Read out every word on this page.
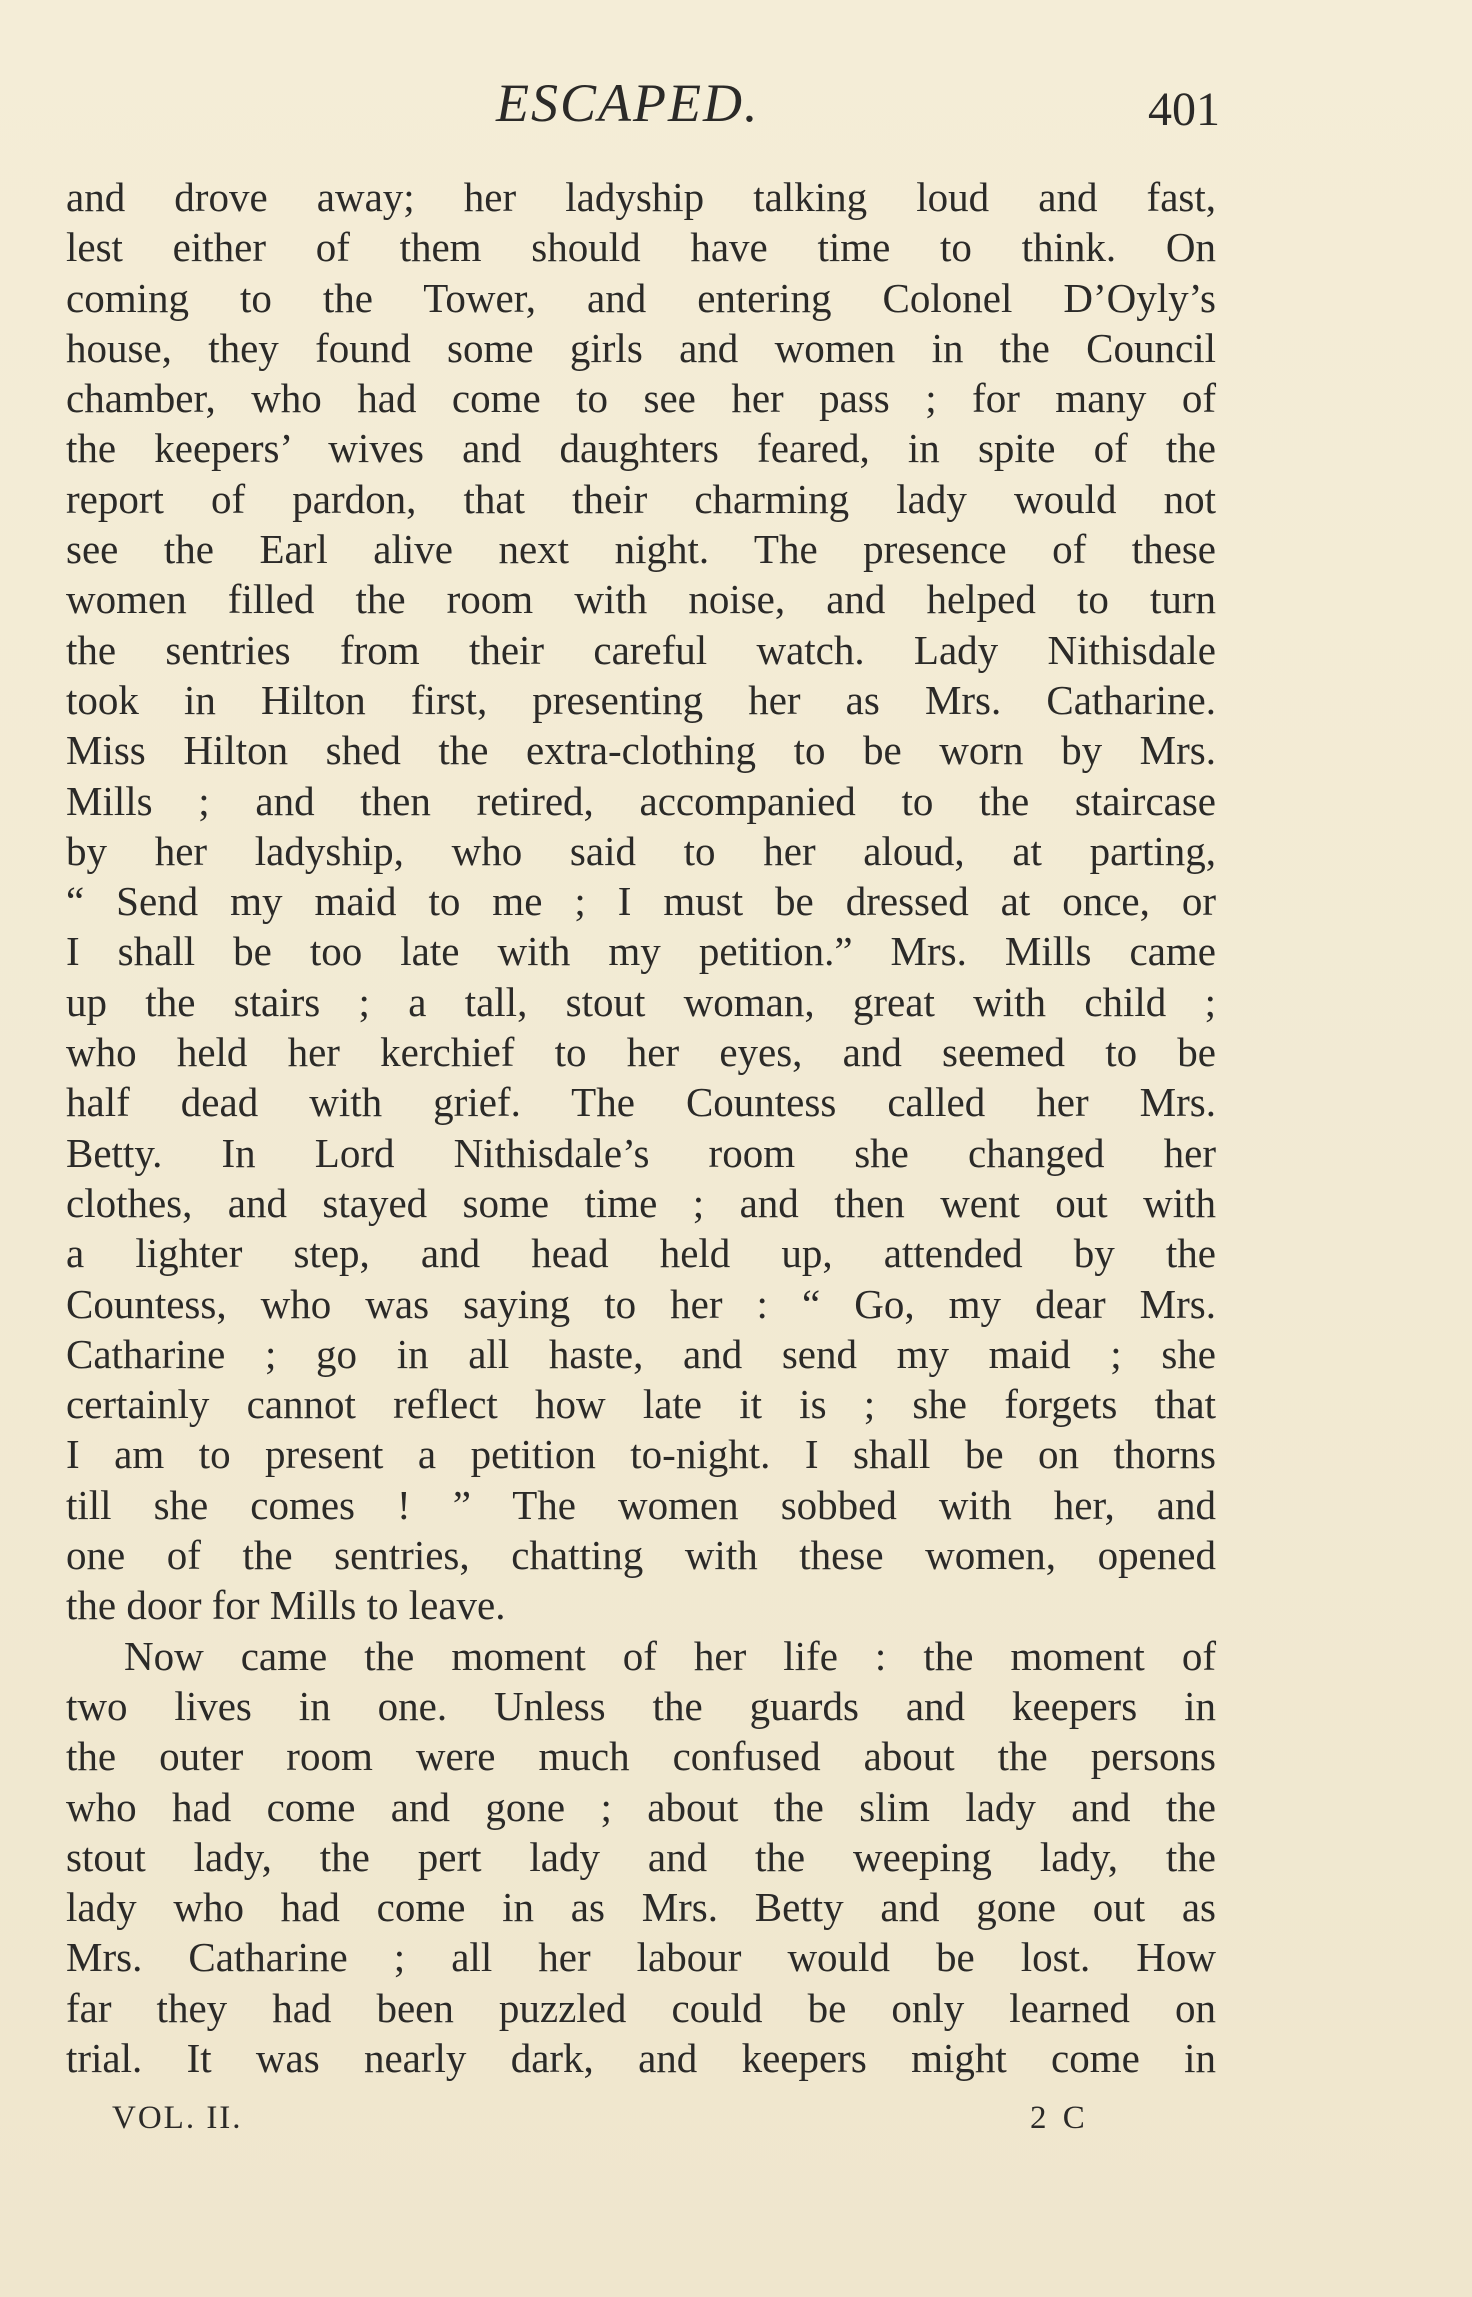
ESCAPED.	401
and drove away; her ladyship talking loud and fast,
lest either of them should have time to think. On
coming to the Tower, and entering Colonel D’Oyly’s
house, they found some girls and women in the Council
chamber, who had come to see her pass ; for many of
the keepers’ wives and daughters feared, in spite of the
report of pardon, that their charming lady would not
see the Earl alive next night. The presence of these
women filled the room with noise, and helped to turn
the sentries from their careful watch. Lady Nithisdale
took in Hilton first, presenting her as Mrs. Catharine.
Miss Hilton shed the extra-clothing to be worn by Mrs.
Mills ; and then retired, accompanied to the staircase
by her ladyship, who said to her aloud, at parting,
“ Send my maid to me ; I must be dressed at once, or
I shall be too late with my petition.” Mrs. Mills came
up the stairs ; a tall, stout woman, great with child ;
who held her kerchief to her eyes, and seemed to be
half dead with grief. The Countess called her Mrs.
Betty. In Lord Nithisdale’s room she changed her
clothes, and stayed some time ; and then went out with
a lighter step, and head held up, attended by the
Countess, who was saying to her : “ Go, my dear Mrs.
Catharine ; go in all haste, and send my maid ; she
certainly cannot reflect how late it is ; she forgets that
I am to present a petition to-night. I shall be on thorns
till she comes ! ” The women sobbed with her, and
one of the sentries, chatting with these women, opened
the door for Mills to leave.
Now came the moment of her life : the moment of
two lives in one. Unless the guards and keepers in
the outer room were much confused about the persons
who had come and gone ; about the slim lady and the
stout lady, the pert lady and the weeping lady, the
lady who had come in as Mrs. Betty and gone out as
Mrs. Catharine ; all her labour would be lost. How
far they had been puzzled could be only learned on
trial. It was nearly dark, and keepers might come in
VOL. II.	2 C
